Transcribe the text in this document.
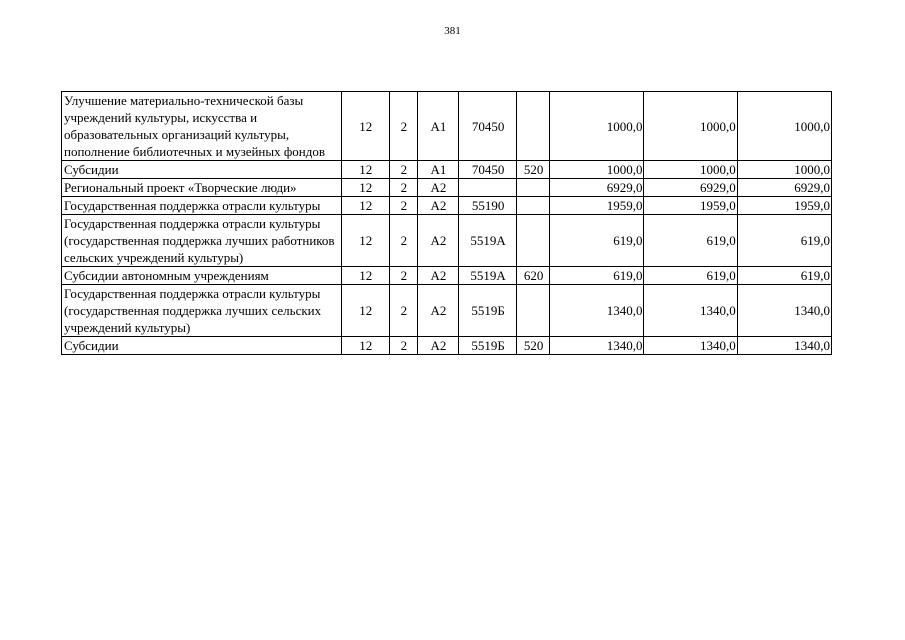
381
Улучшение материально-технической базы учреждений культуры, искусства и образовательных организаций культуры, пополнение библиотечных и музейных фондов	12	2	А1	70450		1000,0	1000,0	1000,0
Субсидии	12	2	А1	70450	520	1000,0	1000,0	1000,0
Региональный проект «Творческие люди»	12	2	А2			6929,0	6929,0	6929,0
Государственная поддержка отрасли культуры	12	2	А2	55190		1959,0	1959,0	1959,0
Государственная поддержка отрасли культуры (государственная поддержка лучших работников сельских учреждений культуры)	12	2	А2	5519А		619,0	619,0	619,0
Субсидии автономным учреждениям	12	2	А2	5519А	620	619,0	619,0	619,0
Государственная поддержка отрасли культуры (государственная поддержка лучших сельских учреждений культуры)	12	2	А2	5519Б		1340,0	1340,0	1340,0
Субсидии	12	2	А2	5519Б	520	1340,0	1340,0	1340,0
